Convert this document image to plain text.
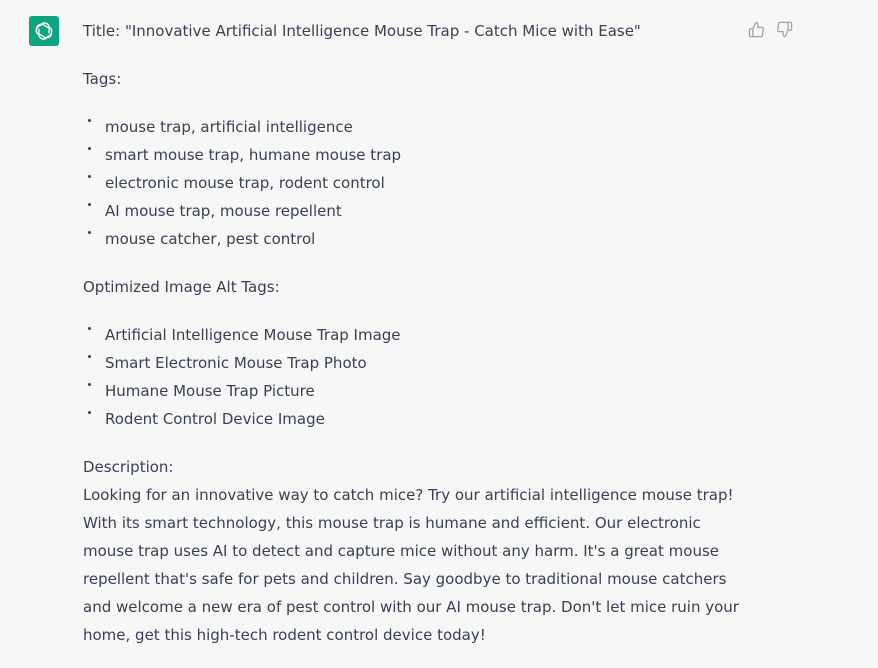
Title: "Innovative Artificial Intelligence Mouse Trap - Catch Mice with Ease"

Tags:

mouse trap, artificial intelligence
smart mouse trap, humane mouse trap
electronic mouse trap, rodent control
AI mouse trap, mouse repellent
mouse catcher, pest control

Optimized Image Alt Tags:

Artificial Intelligence Mouse Trap Image
Smart Electronic Mouse Trap Photo
Humane Mouse Trap Picture
Rodent Control Device Image

Description:

Looking for an innovative way to catch mice? Try our artificial intelligence mouse trap! With its smart technology, this mouse trap is humane and efficient. Our electronic mouse trap uses AI to detect and capture mice without any harm. It's a great mouse repellent that's safe for pets and children. Say goodbye to traditional mouse catchers and welcome a new era of pest control with our AI mouse trap. Don't let mice ruin your home, get this high-tech rodent control device today!
